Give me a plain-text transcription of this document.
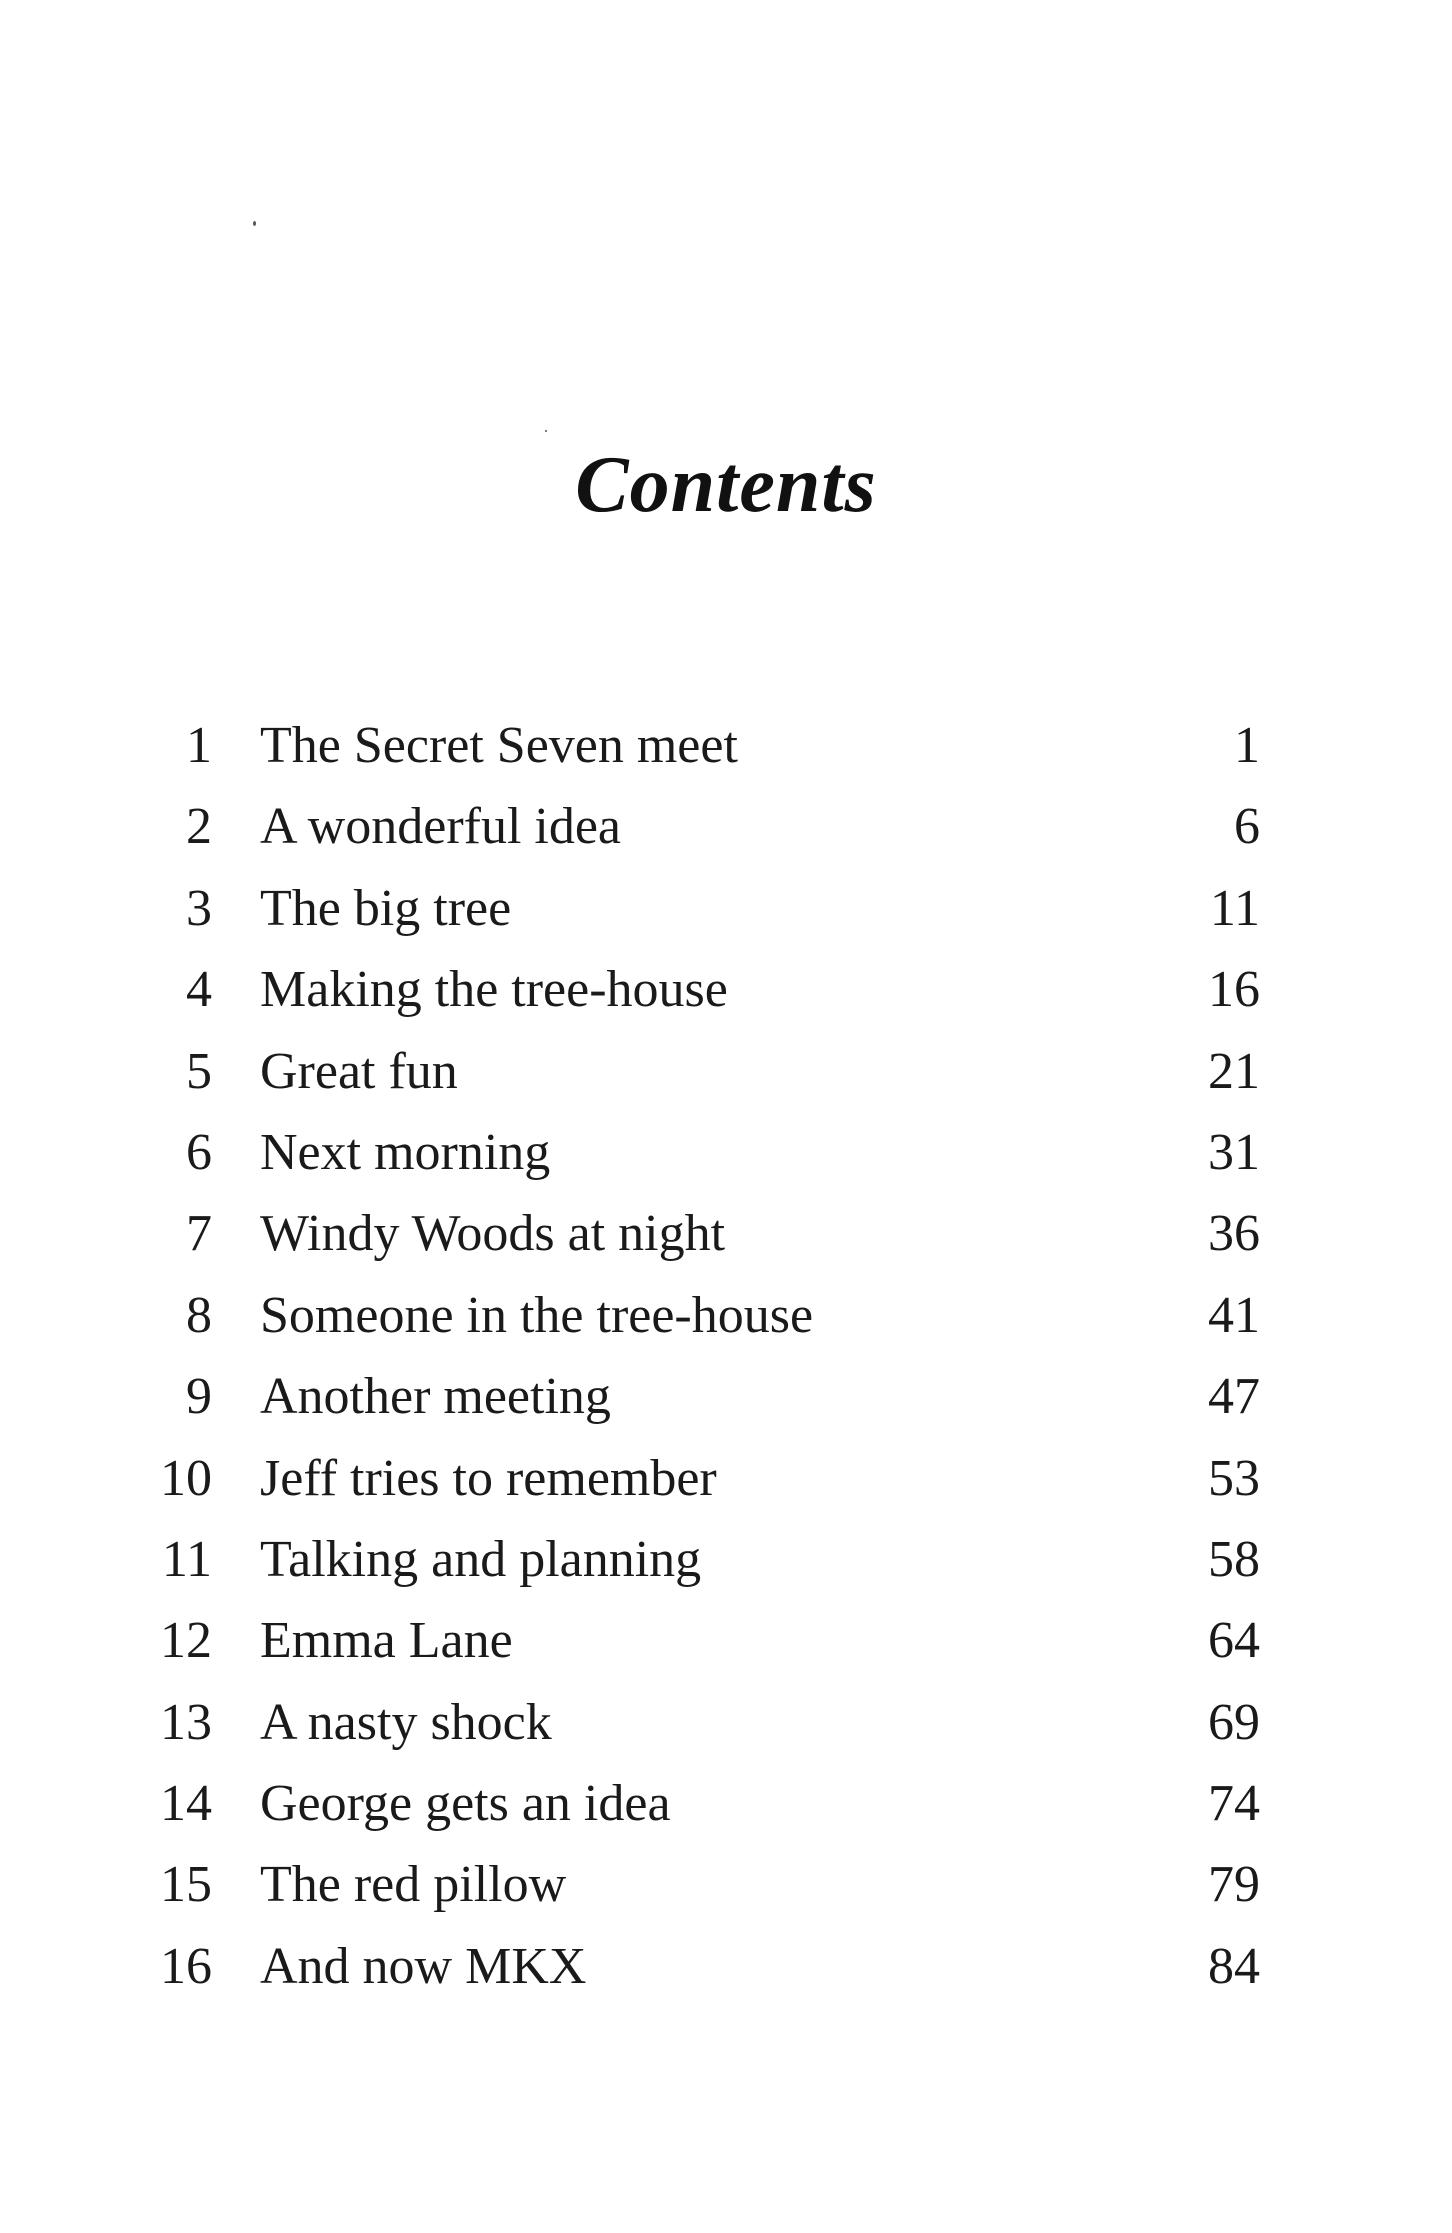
Contents
1 The Secret Seven meet	1
2 A wonderful idea	6
3 The big tree	11
4 Making the tree-house	16
5 Great fun	21
6 Next morning	31
7 Windy Woods at night	36
8 Someone in the tree-house	41
9 Another meeting	47
10 Jeff tries to remember	53
11 Talking and planning	58
12 Emma Lane	64
13 A nasty shock	69
14 George gets an idea	74
15 The red pillow	79
16 And now MKX	84
